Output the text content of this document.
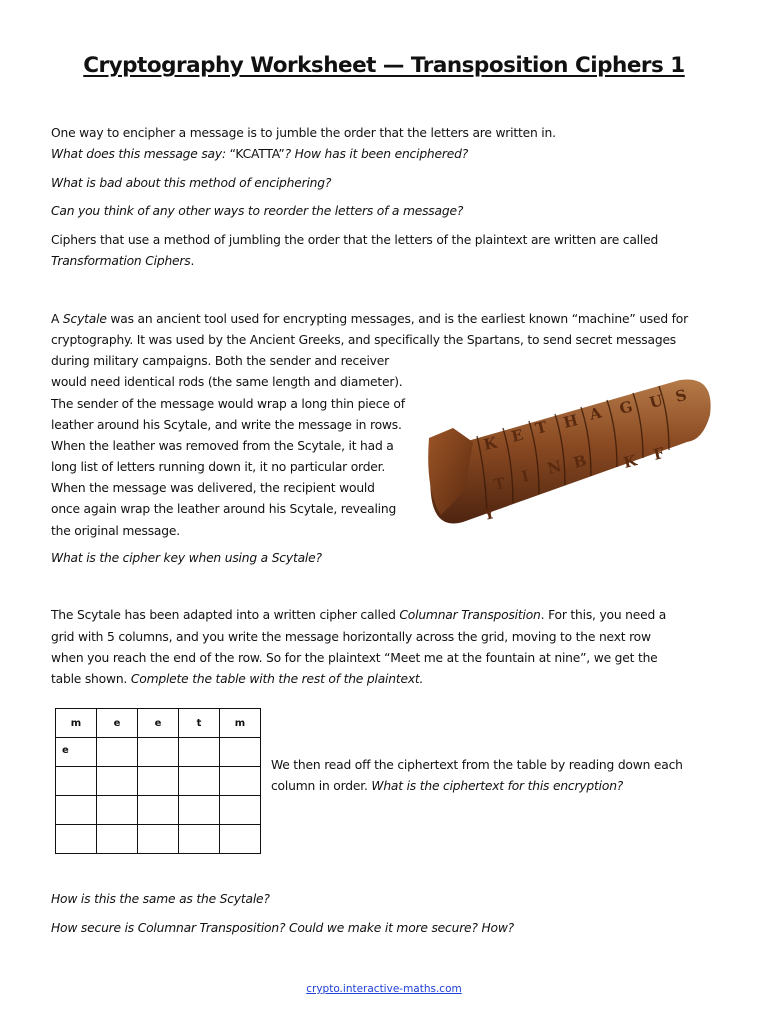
Cryptography Worksheet — Transposition Ciphers 1

One way to encipher a message is to jumble the order that the letters are written in.

What does this message say: “KCATTA”? How has it been enciphered?

What is bad about this method of enciphering?

Can you think of any other ways to reorder the letters of a message?

Ciphers that use a method of jumbling the order that the letters of the plaintext are written are called

Transformation Ciphers.

A Scytale was an ancient tool used for encrypting messages, and is the earliest known “machine” used for

cryptography. It was used by the Ancient Greeks, and specifically the Spartans, to send secret messages

during military campaigns. Both the sender and receiver

would need identical rods (the same length and diameter).

The sender of the message would wrap a long thin piece of

leather around his Scytale, and write the message in rows.

When the leather was removed from the Scytale, it had a

long list of letters running down it, it no particular order.

When the message was delivered, the recipient would

once again wrap the leather around his Scytale, revealing

the original message.

What is the cipher key when using a Scytale?

K E T H A G U S
T I N B
Y
K F

The Scytale has been adapted into a written cipher called Columnar Transposition. For this, you need a

grid with 5 columns, and you write the message horizontally across the grid, moving to the next row

when you reach the end of the row. So for the plaintext “Meet me at the fountain at nine”, we get the

table shown. Complete the table with the rest of the plaintext.

m	e	e	t	m
e				

We then read off the ciphertext from the table by reading down each

column in order. What is the ciphertext for this encryption?

How is this the same as the Scytale?

How secure is Columnar Transposition? Could we make it more secure? How?

crypto.interactive-maths.com
